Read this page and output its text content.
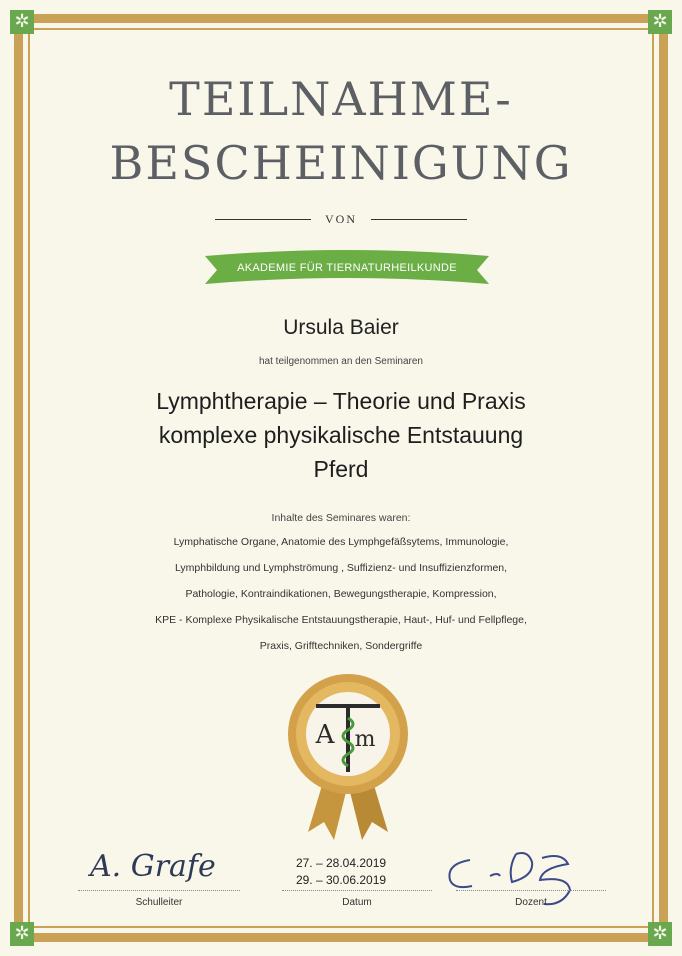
✲	✲
✲	✲
TEILNAHME-
BESCHEINIGUNG
VON
AKADEMIE FÜR TIERNATURHEILKUNDE
Ursula Baier
hat teilgenommen an den Seminaren
Lymphtherapie – Theorie und Praxis
komplexe physikalische Entstauung
Pferd
Inhalte des Seminares waren:
Lymphatische Organe, Anatomie des Lymphgefäßsytems, Immunologie,
Lymphbildung und Lymphströmung , Suffizienz- und Insuffizienzformen,
Pathologie, Kontraindikationen, Bewegungstherapie, Kompression,
KPE - Komplexe Physikalische Entstauungstherapie, Haut-, Huf- und Fellpflege,
Praxis, Grifftechniken, Sondergriffe
A m
27. – 28.04.2019
29. – 30.06.2019
A. Grafe
Schulleiter	Datum	Dozent
